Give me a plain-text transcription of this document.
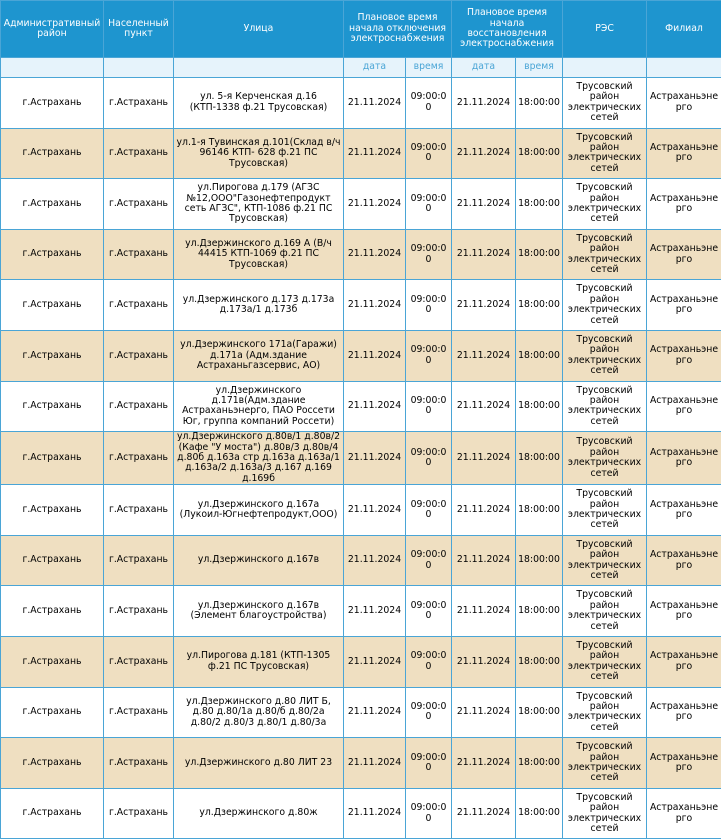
Административный район	Населенный пункт	Улица	Плановое время начала отключения электроснабжения		Плановое время начала восстановления электроснабжения		РЭС	Филиал
			дата	время	дата	время		
г.Астрахань	г.Астрахань	ул. 5-я Керченская д.16 (КТП-1338 ф.21 Трусовская)	21.11.2024	09:00:00	21.11.2024	18:00:00	Трусовский район электрических сетей	Астраханьэнерго
г.Астрахань	г.Астрахань	ул.1-я Тувинская д.101(Склад в/ч 96146 КТП- 628 ф.21 ПС Трусовская)	21.11.2024	09:00:00	21.11.2024	18:00:00	Трусовский район электрических сетей	Астраханьэнерго
г.Астрахань	г.Астрахань	ул.Пирогова д.179 (АГЗС №12,ООО"Газонефтепродукт сеть АГЗС", КТП-1086 ф.21 ПС Трусовская)	21.11.2024	09:00:00	21.11.2024	18:00:00	Трусовский район электрических сетей	Астраханьэнерго
г.Астрахань	г.Астрахань	ул.Дзержинского д.169 А (В/ч 44415 КТП-1069 ф.21 ПС Трусовская)	21.11.2024	09:00:00	21.11.2024	18:00:00	Трусовский район электрических сетей	Астраханьэнерго
г.Астрахань	г.Астрахань	ул.Дзержинского д.173 д.173а д.173а/1 д.173б	21.11.2024	09:00:00	21.11.2024	18:00:00	Трусовский район электрических сетей	Астраханьэнерго
г.Астрахань	г.Астрахань	ул.Дзержинского 171а(Гаражи) д.171а (Адм.здание Астраханьгазсервис, АО)	21.11.2024	09:00:00	21.11.2024	18:00:00	Трусовский район электрических сетей	Астраханьэнерго
г.Астрахань	г.Астрахань	ул.Дзержинского д.171в(Адм.здание Астраханьэнерго, ПАО Россети Юг, группа компаний Россети)	21.11.2024	09:00:00	21.11.2024	18:00:00	Трусовский район электрических сетей	Астраханьэнерго
г.Астрахань	г.Астрахань	ул.Дзержинского д.80в/1 д.80в/2 (Кафе "У моста") д.80в/3 д.80в/4 д.80б д.163а стр д.163а д.163а/1 д.163а/2 д.163а/3 д.167 д.169 д.169б	21.11.2024	09:00:00	21.11.2024	18:00:00	Трусовский район электрических сетей	Астраханьэнерго
г.Астрахань	г.Астрахань	ул.Дзержинского д.167а (Лукоил-Югнефтепродукт,ООО)	21.11.2024	09:00:00	21.11.2024	18:00:00	Трусовский район электрических сетей	Астраханьэнерго
г.Астрахань	г.Астрахань	ул.Дзержинского д.167в	21.11.2024	09:00:00	21.11.2024	18:00:00	Трусовский район электрических сетей	Астраханьэнерго
г.Астрахань	г.Астрахань	ул.Дзержинского д.167в (Элемент благоустройства)	21.11.2024	09:00:00	21.11.2024	18:00:00	Трусовский район электрических сетей	Астраханьэнерго
г.Астрахань	г.Астрахань	ул.Пирогова д.181 (КТП-1305 ф.21 ПС Трусовская)	21.11.2024	09:00:00	21.11.2024	18:00:00	Трусовский район электрических сетей	Астраханьэнерго
г.Астрахань	г.Астрахань	ул.Дзержинского д.80 ЛИТ Б, д.80 д.80/1а д.80/б д.80/2а д.80/2 д.80/3 д.80/1 д.80/3а	21.11.2024	09:00:00	21.11.2024	18:00:00	Трусовский район электрических сетей	Астраханьэнерго
г.Астрахань	г.Астрахань	ул.Дзержинского д.80 ЛИТ 23	21.11.2024	09:00:00	21.11.2024	18:00:00	Трусовский район электрических сетей	Астраханьэнерго
г.Астрахань	г.Астрахань	ул.Дзержинского д.80ж	21.11.2024	09:00:00	21.11.2024	18:00:00	Трусовский район электрических сетей	Астраханьэнерго
